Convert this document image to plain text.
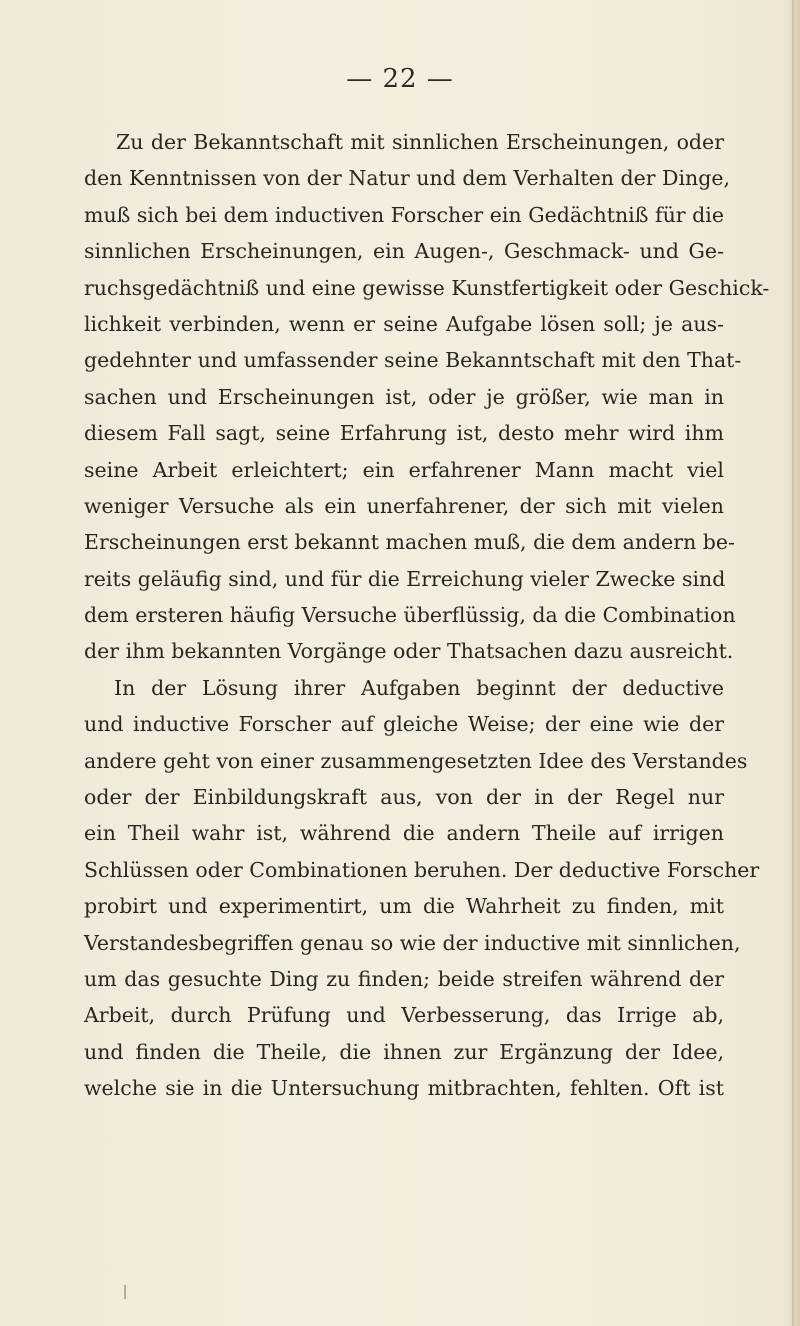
— 22 —
Zu der Bekanntschaft mit sinnlichen Erscheinungen, oder
den Kenntnissen von der Natur und dem Verhalten der Dinge,
muß sich bei dem inductiven Forscher ein Gedächtniß für die
sinnlichen Erscheinungen, ein Augen-, Geschmack- und Ge-
ruchsgedächtniß und eine gewisse Kunstfertigkeit oder Geschick-
lichkeit verbinden, wenn er seine Aufgabe lösen soll; je aus-
gedehnter und umfassender seine Bekanntschaft mit den That-
sachen und Erscheinungen ist, oder je größer, wie man in
diesem Fall sagt, seine Erfahrung ist, desto mehr wird ihm
seine Arbeit erleichtert; ein erfahrener Mann macht viel
weniger Versuche als ein unerfahrener, der sich mit vielen
Erscheinungen erst bekannt machen muß, die dem andern be-
reits geläufig sind, und für die Erreichung vieler Zwecke sind
dem ersteren häufig Versuche überflüssig, da die Combination
der ihm bekannten Vorgänge oder Thatsachen dazu ausreicht.
In der Lösung ihrer Aufgaben beginnt der deductive
und inductive Forscher auf gleiche Weise; der eine wie der
andere geht von einer zusammengesetzten Idee des Verstandes
oder der Einbildungskraft aus, von der in der Regel nur
ein Theil wahr ist, während die andern Theile auf irrigen
Schlüssen oder Combinationen beruhen. Der deductive Forscher
probirt und experimentirt, um die Wahrheit zu finden, mit
Verstandesbegriffen genau so wie der inductive mit sinnlichen,
um das gesuchte Ding zu finden; beide streifen während der
Arbeit, durch Prüfung und Verbesserung, das Irrige ab,
und finden die Theile, die ihnen zur Ergänzung der Idee,
welche sie in die Untersuchung mitbrachten, fehlten. Oft ist
